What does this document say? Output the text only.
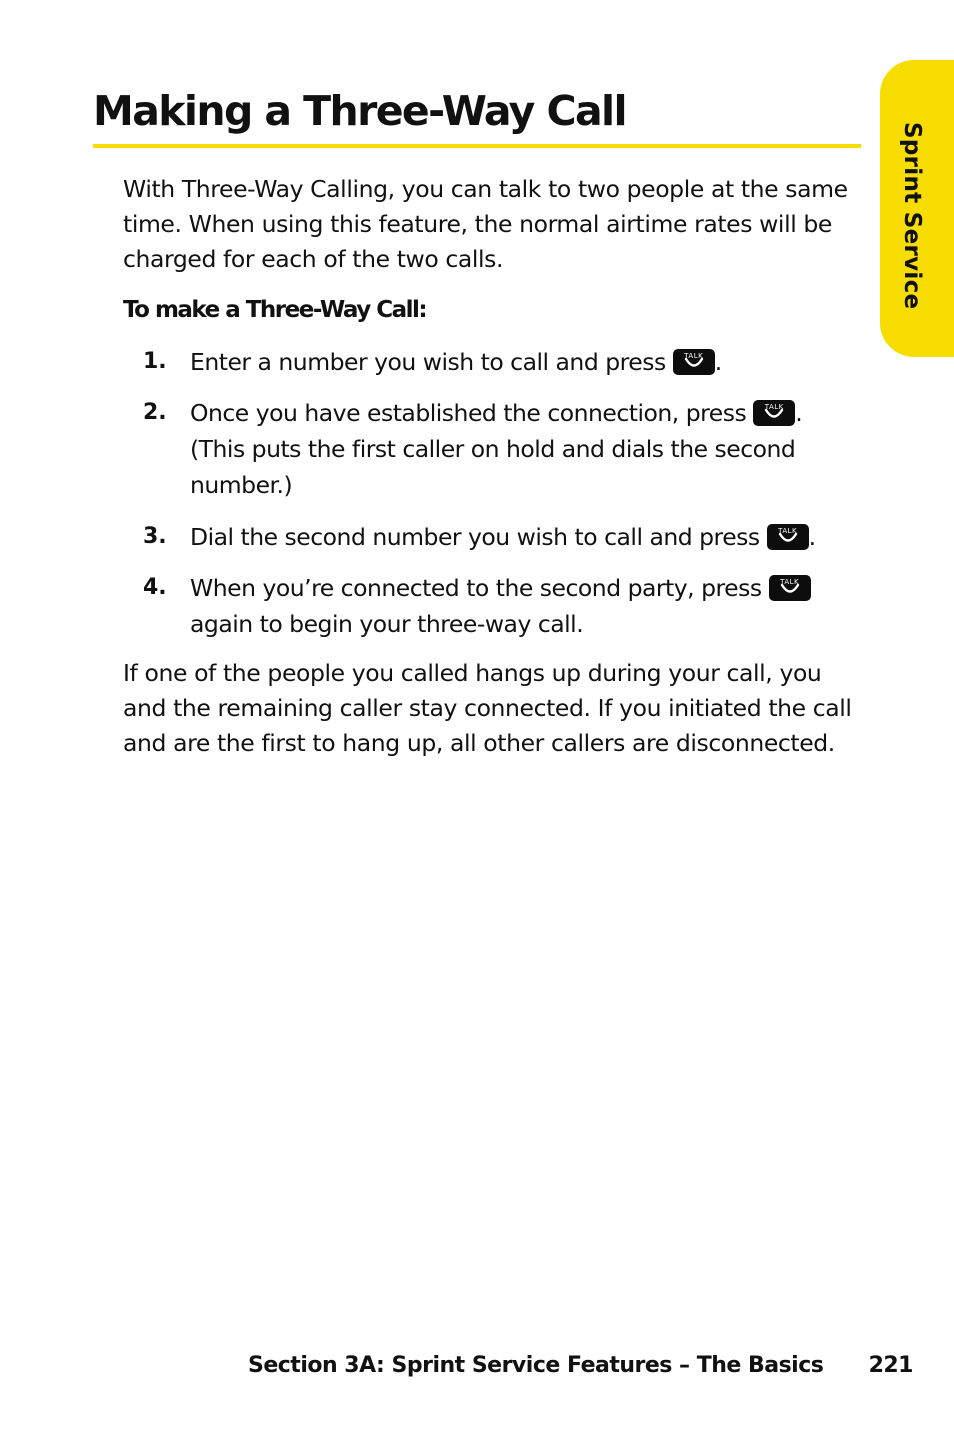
Making a Three-Way Call
Sprint Service

With Three-Way Calling, you can talk to two people at the same time. When using this feature, the normal airtime rates will be charged for each of the two calls.

To make a Three-Way Call:

1. Enter a number you wish to call and press	TALK .

2. Once you have established the connection, press	TALK . (This puts the first caller on hold and dials the second number.)

3. Dial the second number you wish to call and press	TALK .

4. When you’re connected to the second party, press	TALK
again to begin your three-way call.

If one of the people you called hangs up during your call, you and the remaining caller stay connected. If you initiated the call and are the first to hang up, all other callers are disconnected.

Section 3A: Sprint Service Features – The Basics 221
